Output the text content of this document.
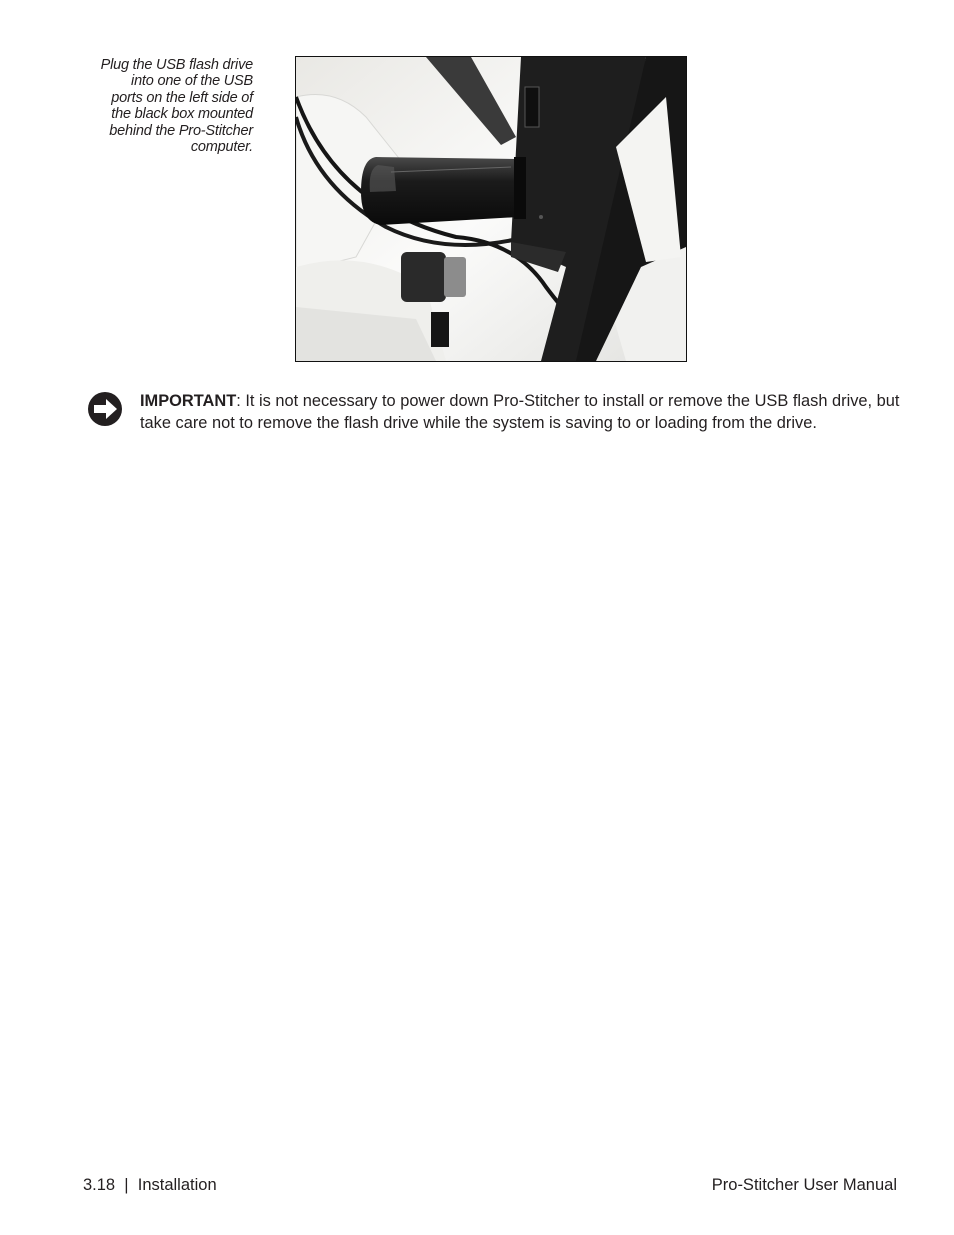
Plug the USB flash drive
into one of the USB
ports on the left side of
the black box mounted
behind the Pro-Stitcher
computer.
IMPORTANT: It is not necessary to power down Pro-Stitcher to install or remove the USB flash drive, but take care not to remove the flash drive while the system is saving to or loading from the drive.
3.18  |  Installation	Pro-Stitcher User Manual
